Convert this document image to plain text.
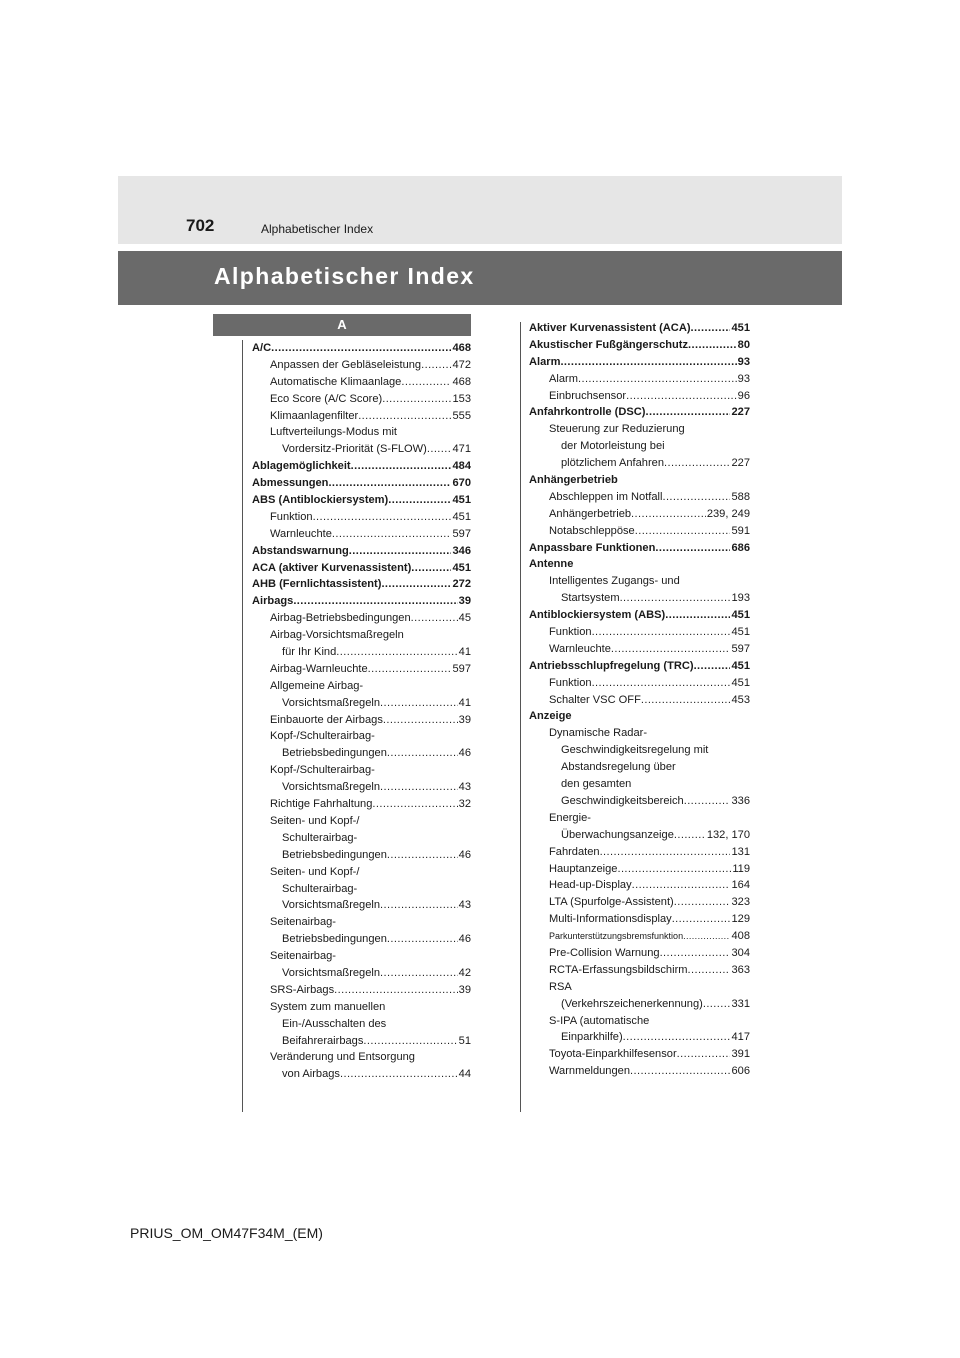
702	Alphabetischer Index
Alphabetischer Index
A
A/C .....	468
Anpassen der Gebläseleistung .....	472
Automatische Klimaanlage .....	468
Eco Score (A/C Score) .....	153
Klimaanlagenfilter .....	555
Luftverteilungs-Modus mit
Vordersitz-Priorität (S-FLOW) ..... 471
Ablagemöglichkeit .....	484
Abmessungen .....	670
ABS (Antiblockiersystem) .....	451
Funktion .....	451
Warnleuchte .....	597
Abstandswarnung .....	346
ACA (aktiver Kurvenassistent) .....	451
AHB (Fernlichtassistent) .....	272
Airbags .....	39
Airbag-Betriebsbedingungen .....	45
Airbag-Vorsichtsmaßregeln
für Ihr Kind .....	41
Airbag-Warnleuchte .....	597
Allgemeine Airbag-
Vorsichtsmaßregeln .....	41
Einbauorte der Airbags .....	39
Kopf-/Schulterairbag-
Betriebsbedingungen .....	46
Kopf-/Schulterairbag-
Vorsichtsmaßregeln .....	43
Richtige Fahrhaltung .....	32
Seiten- und Kopf-/
Schulterairbag-
Betriebsbedingungen .....	46
Seiten- und Kopf-/
Schulterairbag-
Vorsichtsmaßregeln .....	43
Seitenairbag-
Betriebsbedingungen .....	46
Seitenairbag-
Vorsichtsmaßregeln .....	42
SRS-Airbags .....	39
System zum manuellen
Ein-/Ausschalten des
Beifahrerairbags .....	51
Veränderung und Entsorgung
von Airbags .....	44
Aktiver Kurvenassistent (ACA) .....	451
Akustischer Fußgängerschutz .....	80
Alarm .....	93
Alarm .....	93
Einbruchsensor .....	96
Anfahrkontrolle (DSC) .....	227
Steuerung zur Reduzierung
der Motorleistung bei
plötzlichem Anfahren .....	227
Anhängerbetrieb
Abschleppen im Notfall .....	588
Anhängerbetrieb .....	239, 249
Notabschleppöse .....	591
Anpassbare Funktionen .....	686
Antenne
Intelligentes Zugangs- und
Startsystem .....	193
Antiblockiersystem (ABS) .....	451
Funktion .....	451
Warnleuchte .....	597
Antriebsschlupfregelung (TRC) .....	451
Funktion .....	451
Schalter VSC OFF .....	453
Anzeige
Dynamische Radar-
Geschwindigkeitsregelung mit
Abstandsregelung über
den gesamten
Geschwindigkeitsbereich .....	336
Energie-
Überwachungsanzeige .....	132, 170
Fahrdaten .....	131
Hauptanzeige .....	119
Head-up-Display .....	164
LTA (Spurfolge-Assistent) .....	323
Multi-Informationsdisplay .....	129
Parkunterstützungsbremsfunktion .....	408
Pre-Collision Warnung .....	304
RCTA-Erfassungsbildschirm .....	363
RSA
(Verkehrszeichenerkennung) .....	331
S-IPA (automatische
Einparkhilfe) .....	417
Toyota-Einparkhilfesensor .....	391
Warnmeldungen .....	606
PRIUS_OM_OM47F34M_(EM)
